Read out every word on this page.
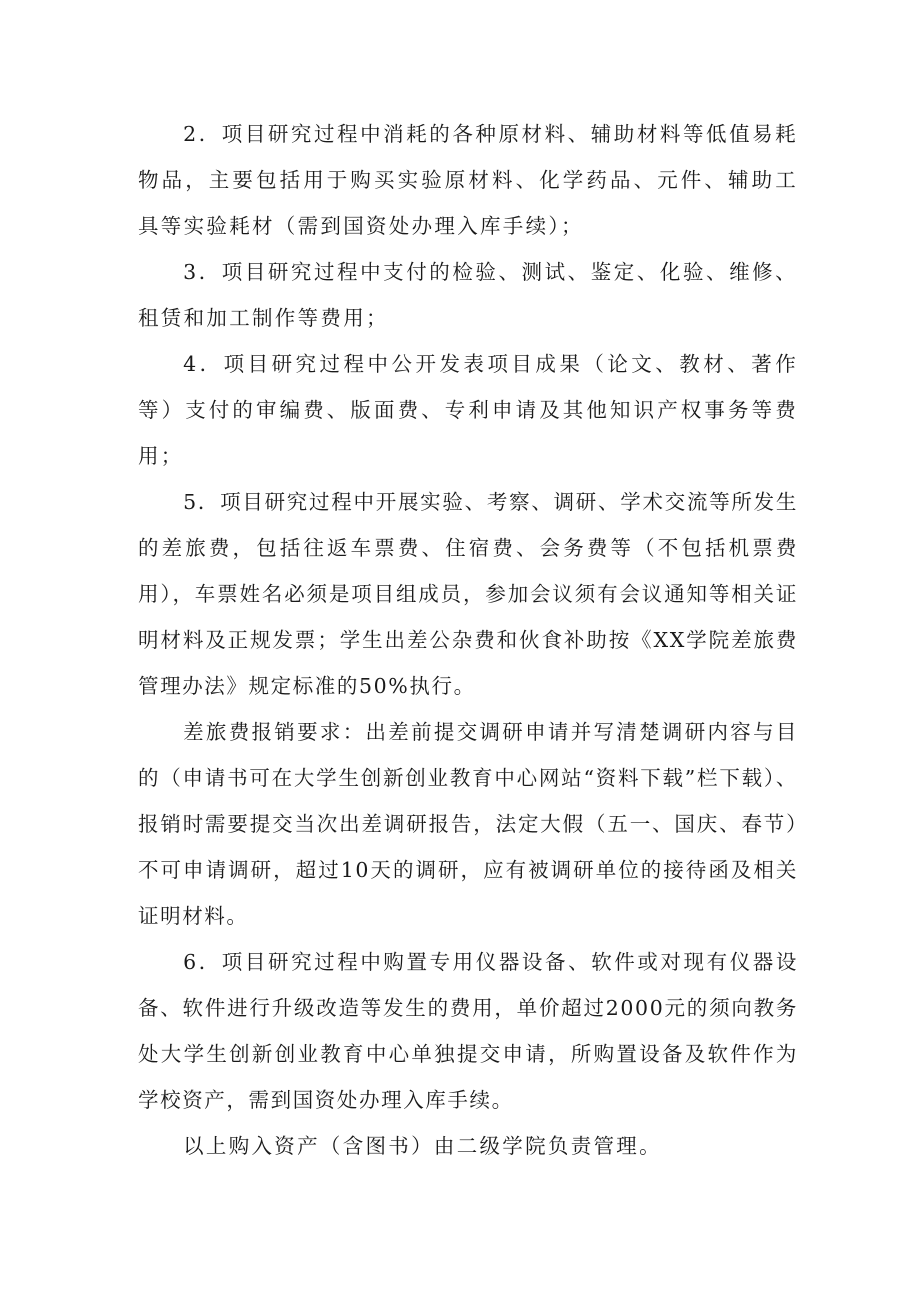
2．项目研究过程中消耗的各种原材料、辅助材料等低值易耗物品，主要包括用于购买实验原材料、化学药品、元件、辅助工具等实验耗材（需到国资处办理入库手续）；

3．项目研究过程中支付的检验、测试、鉴定、化验、维修、租赁和加工制作等费用；

4．项目研究过程中公开发表项目成果（论文、教材、著作等）支付的审编费、版面费、专利申请及其他知识产权事务等费用；

5．项目研究过程中开展实验、考察、调研、学术交流等所发生的差旅费，包括往返车票费、住宿费、会务费等（不包括机票费用），车票姓名必须是项目组成员，参加会议须有会议通知等相关证明材料及正规发票；学生出差公杂费和伙食补助按《XX学院差旅费管理办法》规定标准的50%执行。

差旅费报销要求：出差前提交调研申请并写清楚调研内容与目的（申请书可在大学生创新创业教育中心网站“资料下载”栏下载）、报销时需要提交当次出差调研报告，法定大假（五一、国庆、春节）不可申请调研，超过10天的调研，应有被调研单位的接待函及相关证明材料。

6．项目研究过程中购置专用仪器设备、软件或对现有仪器设备、软件进行升级改造等发生的费用，单价超过2000元的须向教务处大学生创新创业教育中心单独提交申请，所购置设备及软件作为学校资产，需到国资处办理入库手续。

以上购入资产（含图书）由二级学院负责管理。
